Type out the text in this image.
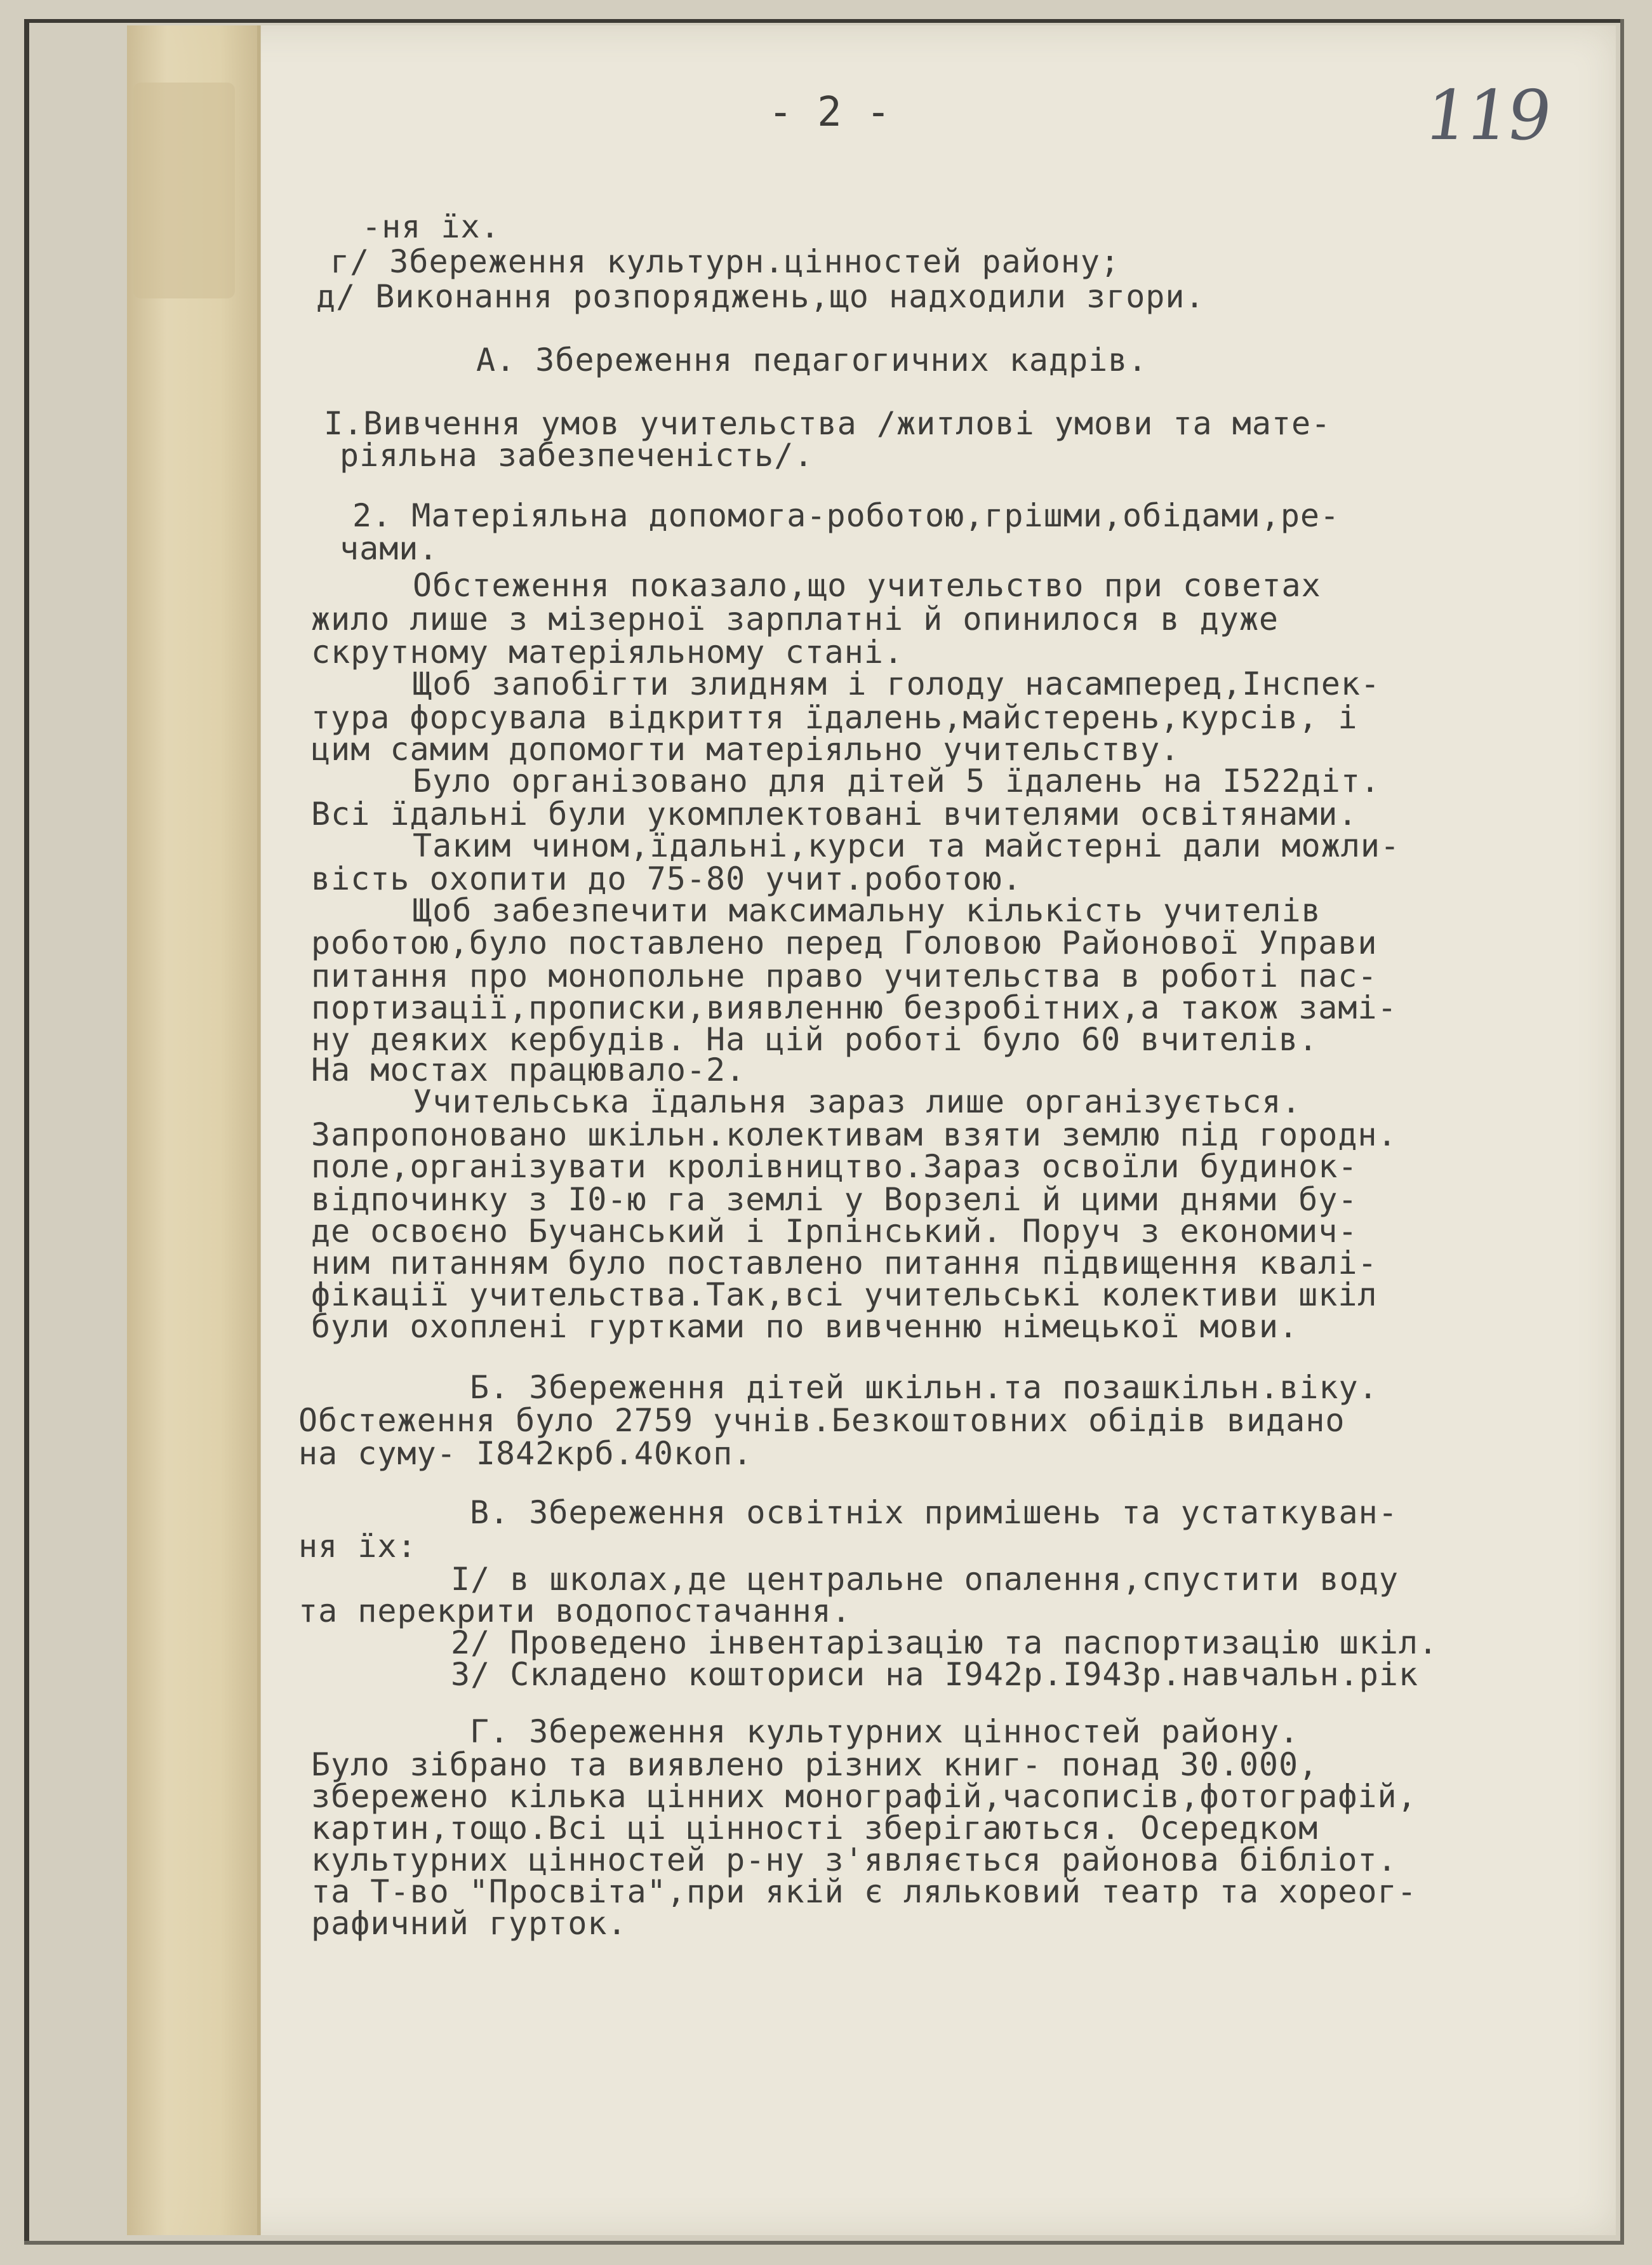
- 2 -	119
-ня їх.
г/ Збереження культурн.цінностей району;
д/ Виконання розпоряджень,що надходили згори.
А. Збереження педагогичних кадрів.
I.Вивчення умов учительства /житлові умови та мате-
ріяльна забезпеченість/.
2. Матеріяльна допомога-роботою,грішми,обідами,ре-
чами.
Обстеження показало,що учительство при советах
жило лише з мізерної зарплатні й опинилося в дуже
скрутному матеріяльному стані.
Щоб запобігти злидням і голоду насамперед,Інспек-
тура форсувала відкриття їдалень,майстерень,курсів, і
цим самим допомогти матеріяльно учительству.
Було організовано для дітей 5 їдалень на I522діт.
Всі їдальні були укомплектовані вчителями освітянами.
Таким чином,їдальні,курси та майстерні дали можли-
вість охопити до 75-80 учит.роботою.
Щоб забезпечити максимальну кількість учителів
роботою,було поставлено перед Головою Районової Управи
питання про монопольне право учительства в роботі пас-
портизації,прописки,виявленню безробітних,а також замі-
ну деяких кербудів. На цій роботі було 60 вчителів.
На мостах працювало-2.
Учительська їдальня зараз лише організується.
Запропоновано шкільн.колективам взяти землю під городн.
поле,організувати кролівництво.Зараз освоїли будинок-
відпочинку з I0-ю га землі у Ворзелі й цими днями бу-
де освоєно Бучанський і Ірпінський. Поруч з економич-
ним питанням було поставлено питання підвищення квалі-
фікації учительства.Так,всі учительські колективи шкіл
були охоплені гуртками по вивченню німецької мови.
Б. Збереження дітей шкільн.та позашкільн.віку.
Обстеження було 2759 учнів.Безкоштовних обідів видано
на суму- I842крб.40коп.
В. Збереження освітніх примішень та устаткуван-
ня їх:
I/ в школах,де центральне опалення,спустити воду
та перекрити водопостачання.
2/ Проведено інвентарізацію та паспортизацію шкіл.
3/ Складено кошториси на I942р.I943р.навчальн.рік
Г. Збереження культурних цінностей району.
Було зібрано та виявлено різних книг- понад 30.000,
збережено кілька цінних монографій,часописів,фотографій,
картин,тощо.Всі ці цінності зберігаються. Осередком
культурних цінностей р-ну з'являється районова бібліот.
та Т-во "Просвіта",при якій є ляльковий театр та хореог-
рафичний гурток.
